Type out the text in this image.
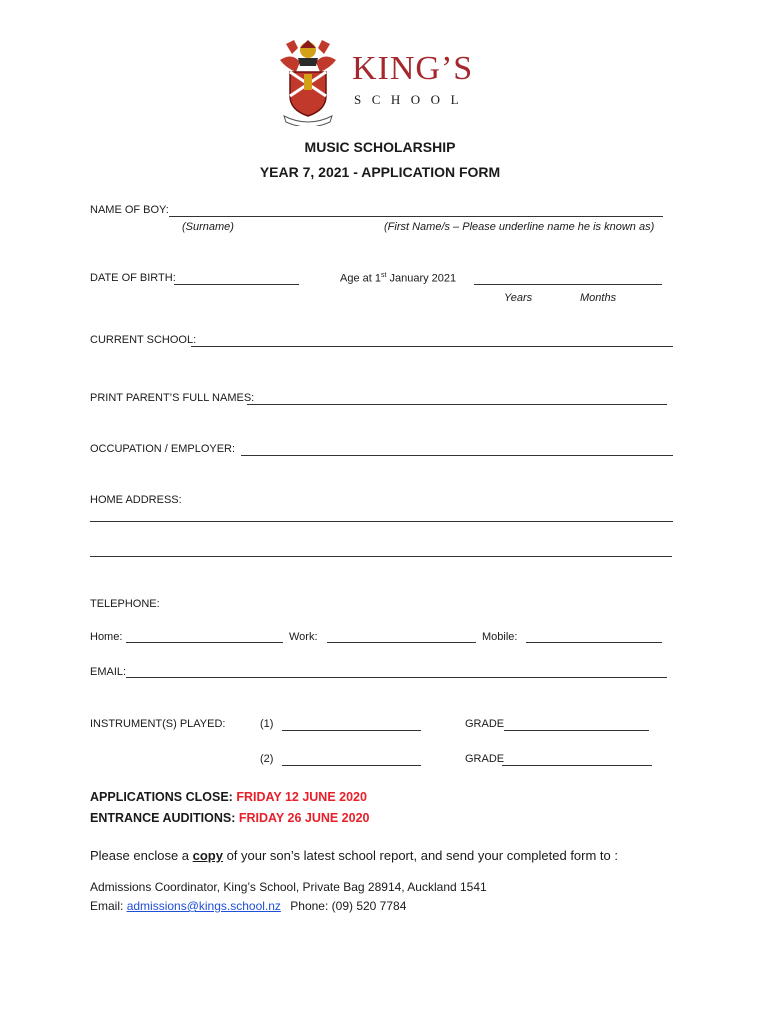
KING’S
SCHOOL
MUSIC SCHOLARSHIP
YEAR 7, 2021 - APPLICATION FORM
NAME OF BOY:
(Surname)	(First Name/s – Please underline name he is known as)
DATE OF BIRTH:	Age at 1st January 2021
Years	Months
CURRENT SCHOOL:
PRINT PARENT’S FULL NAMES:
OCCUPATION / EMPLOYER:
HOME ADDRESS:
TELEPHONE:
Home:	Work:	Mobile:
EMAIL:
INSTRUMENT(S) PLAYED:	(1)	GRADE
(2)	GRADE
APPLICATIONS CLOSE: FRIDAY 12 JUNE 2020
ENTRANCE AUDITIONS: FRIDAY 26 JUNE 2020
Please enclose a copy of your son’s latest school report, and send your completed form to :
Admissions Coordinator, King’s School, Private Bag 28914, Auckland 1541
Email: admissions@kings.school.nz Phone: (09) 520 7784
